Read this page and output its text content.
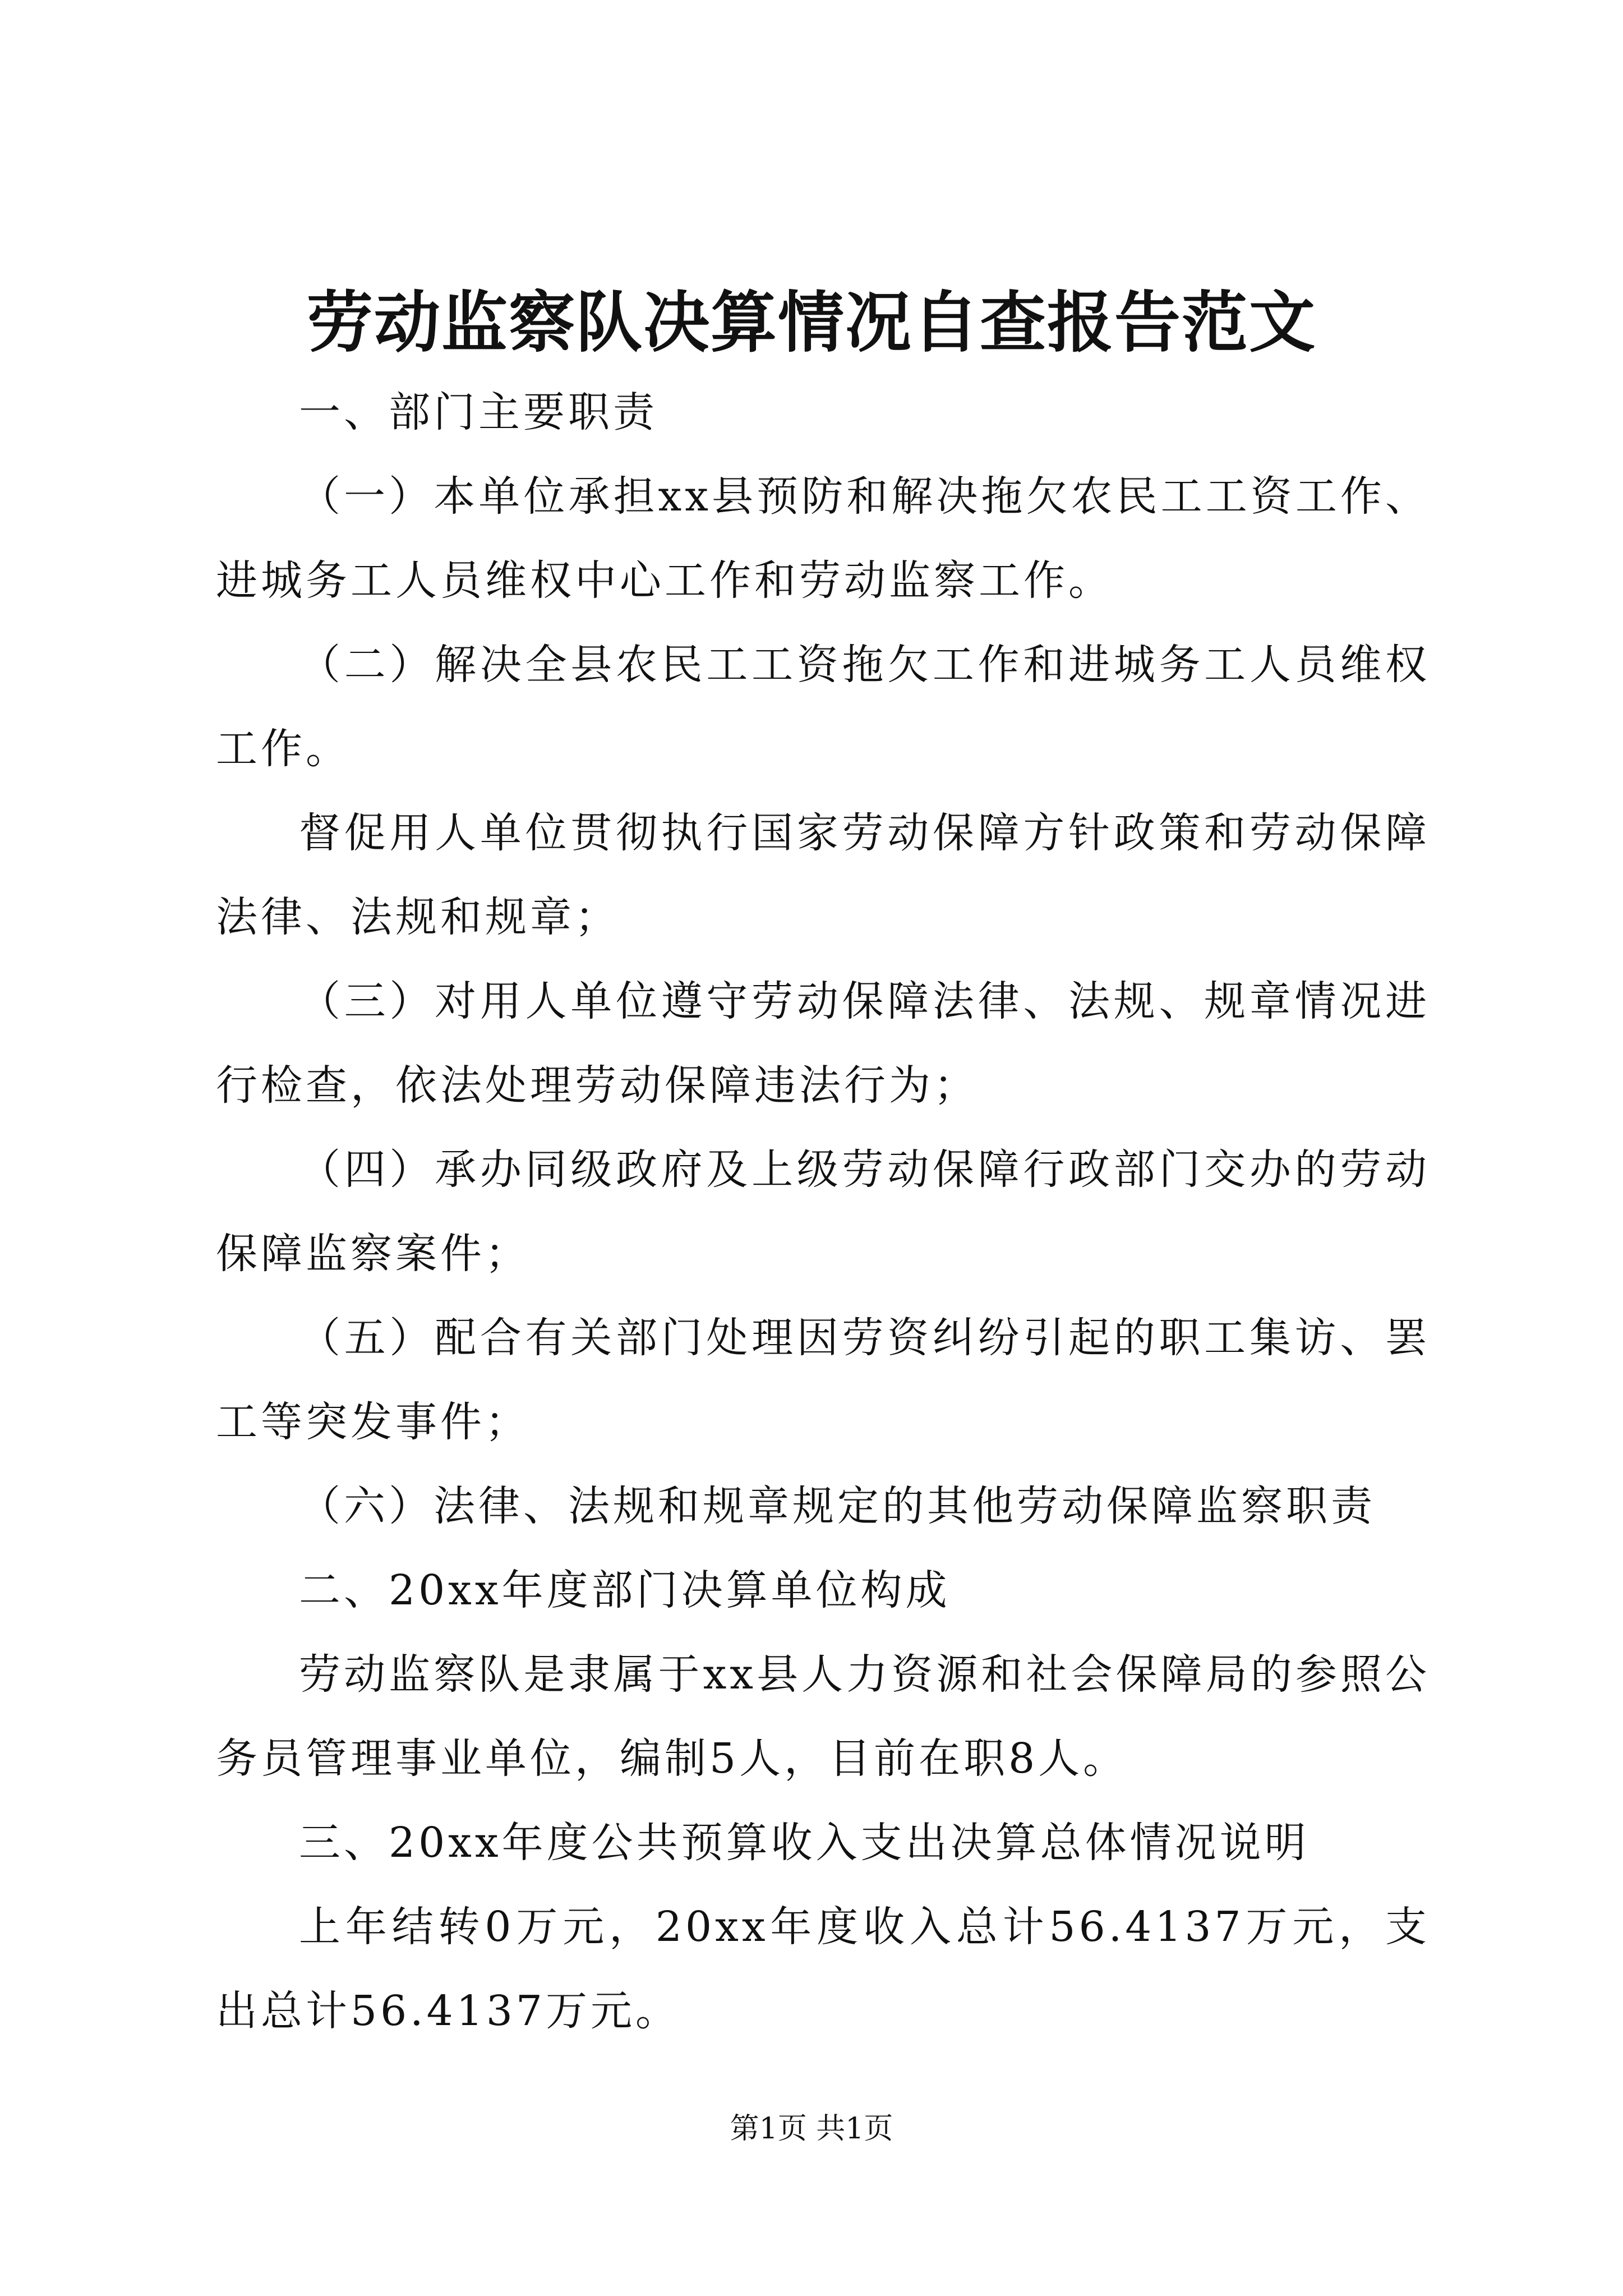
劳动监察队决算情况自查报告范文

一、部门主要职责

（一）本单位承担xx县预防和解决拖欠农民工工资工作、进城务工人员维权中心工作和劳动监察工作。

（二）解决全县农民工工资拖欠工作和进城务工人员维权工作。

督促用人单位贯彻执行国家劳动保障方针政策和劳动保障法律、法规和规章；

（三）对用人单位遵守劳动保障法律、法规、规章情况进行检查，依法处理劳动保障违法行为；

（四）承办同级政府及上级劳动保障行政部门交办的劳动保障监察案件；

（五）配合有关部门处理因劳资纠纷引起的职工集访、罢工等突发事件；

（六）法律、法规和规章规定的其他劳动保障监察职责

二、20xx年度部门决算单位构成

劳动监察队是隶属于xx县人力资源和社会保障局的参照公务员管理事业单位，编制5人，目前在职8人。

三、20xx年度公共预算收入支出决算总体情况说明

上年结转0万元，20xx年度收入总计56.4137万元，支出总计56.4137万元。

第1页 共1页
